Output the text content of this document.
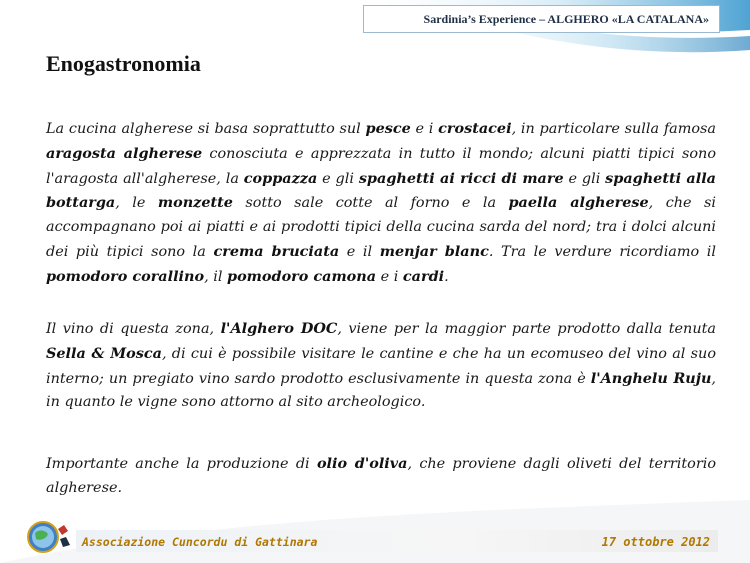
Sardinia’s Experience – ALGHERO «LA CATALANA»
Enogastronomia

La cucina algherese si basa soprattutto sul pesce e i crostacei, in particolare sulla famosa aragosta algherese conosciuta e apprezzata in tutto il mondo; alcuni piatti tipici sono l'aragosta all'algherese, la coppazza e gli spaghetti ai ricci di mare e gli spaghetti alla bottarga, le monzette sotto sale cotte al forno e la paella algherese, che si accompagnano poi ai piatti e ai prodotti tipici della cucina sarda del nord; tra i dolci alcuni dei più tipici sono la crema bruciata e il menjar blanc. Tra le verdure ricordiamo il pomodoro corallino, il pomodoro camona e i cardi.

Il vino di questa zona, l'Alghero DOC, viene per la maggior parte prodotto dalla tenuta Sella & Mosca, di cui è possibile visitare le cantine e che ha un ecomuseo del vino al suo interno; un pregiato vino sardo prodotto esclusivamente in questa zona è l'Anghelu Ruju, in quanto le vigne sono attorno al sito archeologico.

Importante anche la produzione di olio d'oliva, che proviene dagli oliveti del territorio algherese.

Associazione Cuncordu di Gattinara	17 ottobre 2012
